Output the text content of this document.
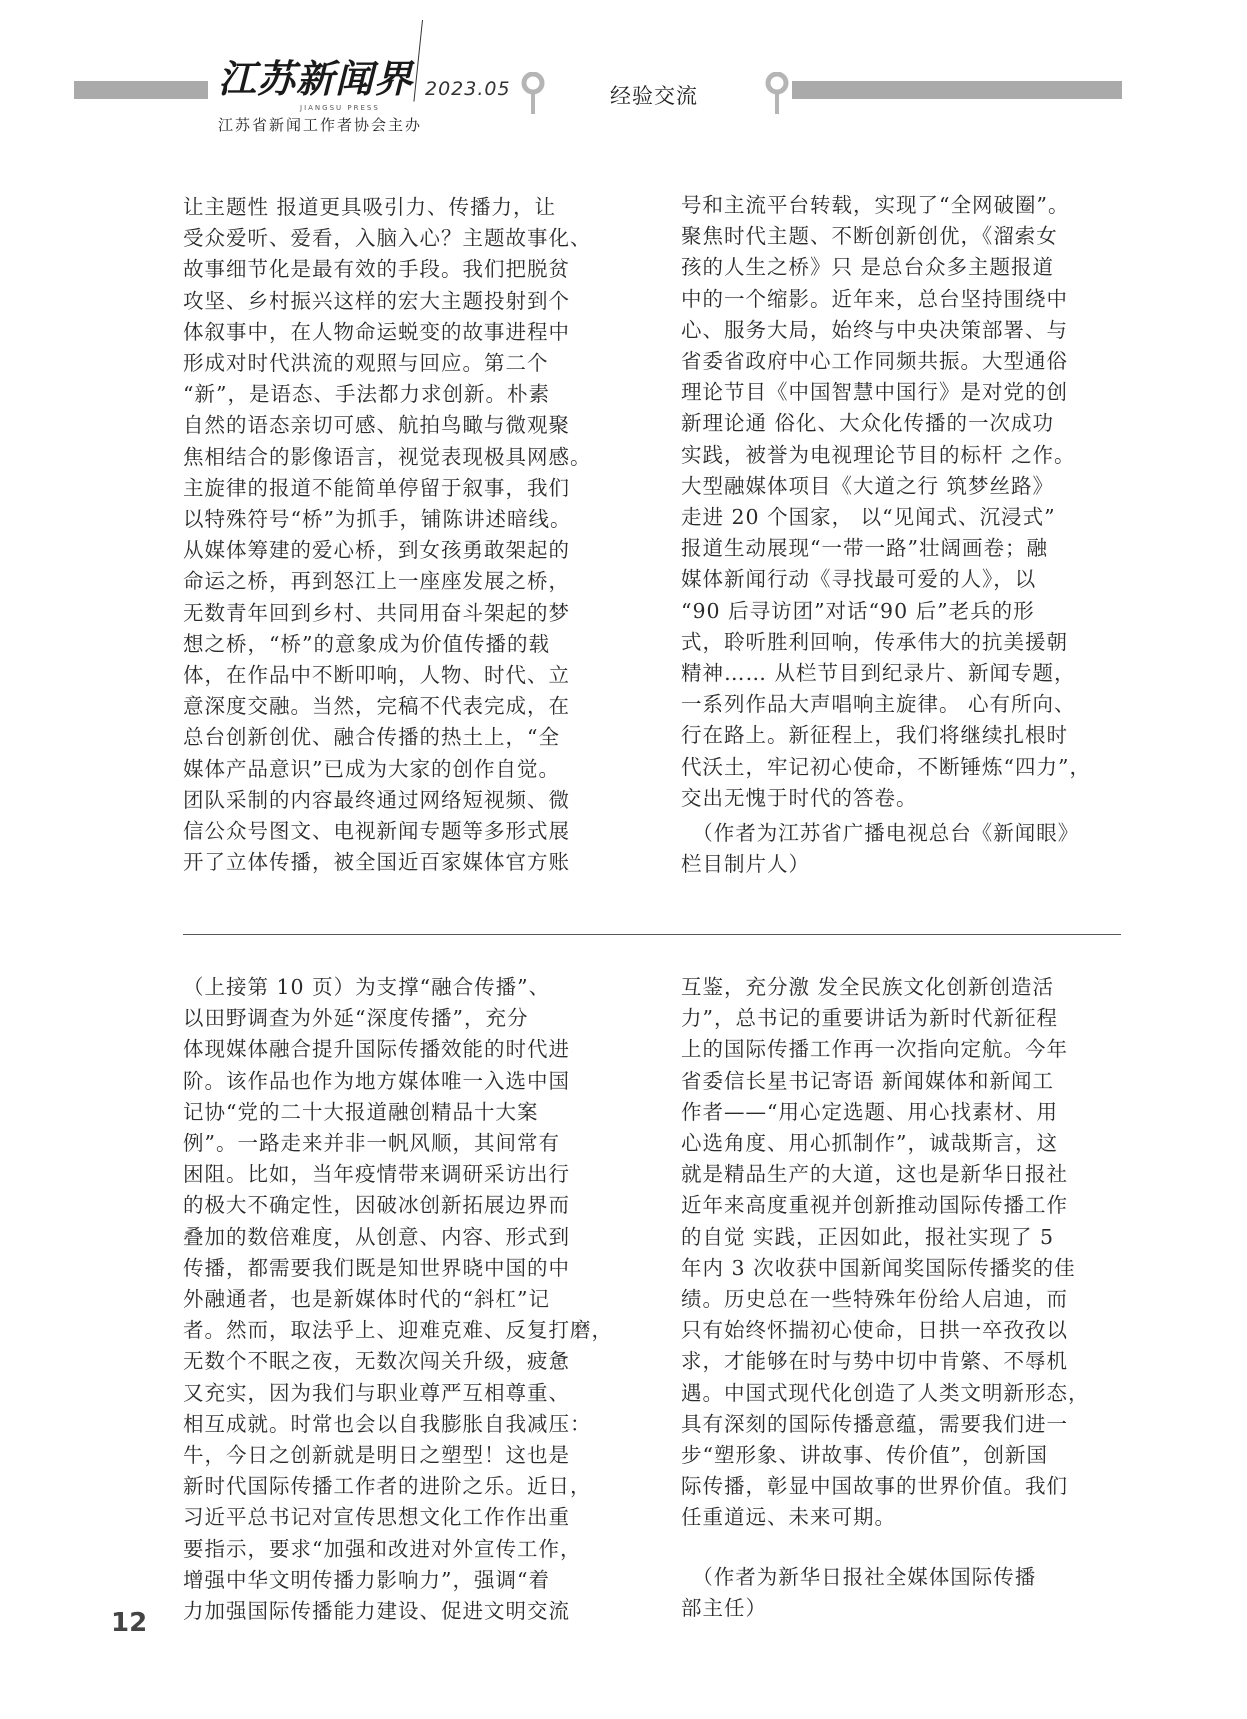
江苏新闻界
JIANGSU PRESS
2023.05
江苏省新闻工作者协会主办
经验交流
让主题性 报道更具吸引力、传播力，让
受众爱听、爱看，入脑入心？主题故事化、
故事细节化是最有效的手段。我们把脱贫
攻坚、乡村振兴这样的宏大主题投射到个
体叙事中，在人物命运蜕变的故事进程中
形成对时代洪流的观照与回应。第二个
“新”，是语态、手法都力求创新。朴素
自然的语态亲切可感、航拍鸟瞰与微观聚
焦相结合的影像语言，视觉表现极具网感。
主旋律的报道不能简单停留于叙事，我们
以特殊符号“桥”为抓手，铺陈讲述暗线。
从媒体筹建的爱心桥，到女孩勇敢架起的
命运之桥，再到怒江上一座座发展之桥，
无数青年回到乡村、共同用奋斗架起的梦
想之桥，“桥”的意象成为价值传播的载
体，在作品中不断叩响，人物、时代、立
意深度交融。当然，完稿不代表完成，在
总台创新创优、融合传播的热土上，“全
媒体产品意识”已成为大家的创作自觉。
团队采制的内容最终通过网络短视频、微
信公众号图文、电视新闻专题等多形式展
开了立体传播，被全国近百家媒体官方账
号和主流平台转载，实现了“全网破圈”。
聚焦时代主题、不断创新创优，《溜索女
孩的人生之桥》只 是总台众多主题报道
中的一个缩影。近年来，总台坚持围绕中
心、服务大局，始终与中央决策部署、与
省委省政府中心工作同频共振。大型通俗
理论节目《中国智慧中国行》是对党的创
新理论通 俗化、大众化传播的一次成功
实践，被誉为电视理论节目的标杆 之作。
大型融媒体项目《大道之行 筑梦丝路》
走进 20 个国家， 以“见闻式、沉浸式”
报道生动展现“一带一路”壮阔画卷；融
媒体新闻行动《寻找最可爱的人》，以
“90 后寻访团”对话“90 后”老兵的形
式，聆听胜利回响，传承伟大的抗美援朝
精神…… 从栏节目到纪录片、新闻专题，
一系列作品大声唱响主旋律。 心有所向、
行在路上。新征程上，我们将继续扎根时
代沃土，牢记初心使命，不断锤炼“四力”，
交出无愧于时代的答卷。
　（作者为江苏省广播电视总台《新闻眼》
栏目制片人）
（上接第 10 页）为支撑“融合传播”、
以田野调查为外延“深度传播”，充分
体现媒体融合提升国际传播效能的时代进
阶。该作品也作为地方媒体唯一入选中国
记协“党的二十大报道融创精品十大案
例”。一路走来并非一帆风顺，其间常有
困阻。比如，当年疫情带来调研采访出行
的极大不确定性，因破冰创新拓展边界而
叠加的数倍难度，从创意、内容、形式到
传播，都需要我们既是知世界晓中国的中
外融通者，也是新媒体时代的“斜杠”记
者。然而，取法乎上、迎难克难、反复打磨，
无数个不眠之夜，无数次闯关升级，疲惫
又充实，因为我们与职业尊严互相尊重、
相互成就。时常也会以自我膨胀自我减压：
牛，今日之创新就是明日之塑型！这也是
新时代国际传播工作者的进阶之乐。近日，
习近平总书记对宣传思想文化工作作出重
要指示，要求“加强和改进对外宣传工作，
增强中华文明传播力影响力”，强调“着
力加强国际传播能力建设、促进文明交流
互鉴，充分激 发全民族文化创新创造活
力”，总书记的重要讲话为新时代新征程
上的国际传播工作再一次指向定航。今年
省委信长星书记寄语 新闻媒体和新闻工
作者——“用心定选题、用心找素材、用
心选角度、用心抓制作”，诚哉斯言，这
就是精品生产的大道，这也是新华日报社
近年来高度重视并创新推动国际传播工作
的自觉 实践，正因如此，报社实现了 5
年内 3 次收获中国新闻奖国际传播奖的佳
绩。历史总在一些特殊年份给人启迪，而
只有始终怀揣初心使命，日拱一卒孜孜以
求，才能够在时与势中切中肯綮、不辱机
遇。中国式现代化创造了人类文明新形态，
具有深刻的国际传播意蕴，需要我们进一
步“塑形象、讲故事、传价值”，创新国
际传播，彰显中国故事的世界价值。我们
任重道远、未来可期。
　（作者为新华日报社全媒体国际传播
部主任）
12
